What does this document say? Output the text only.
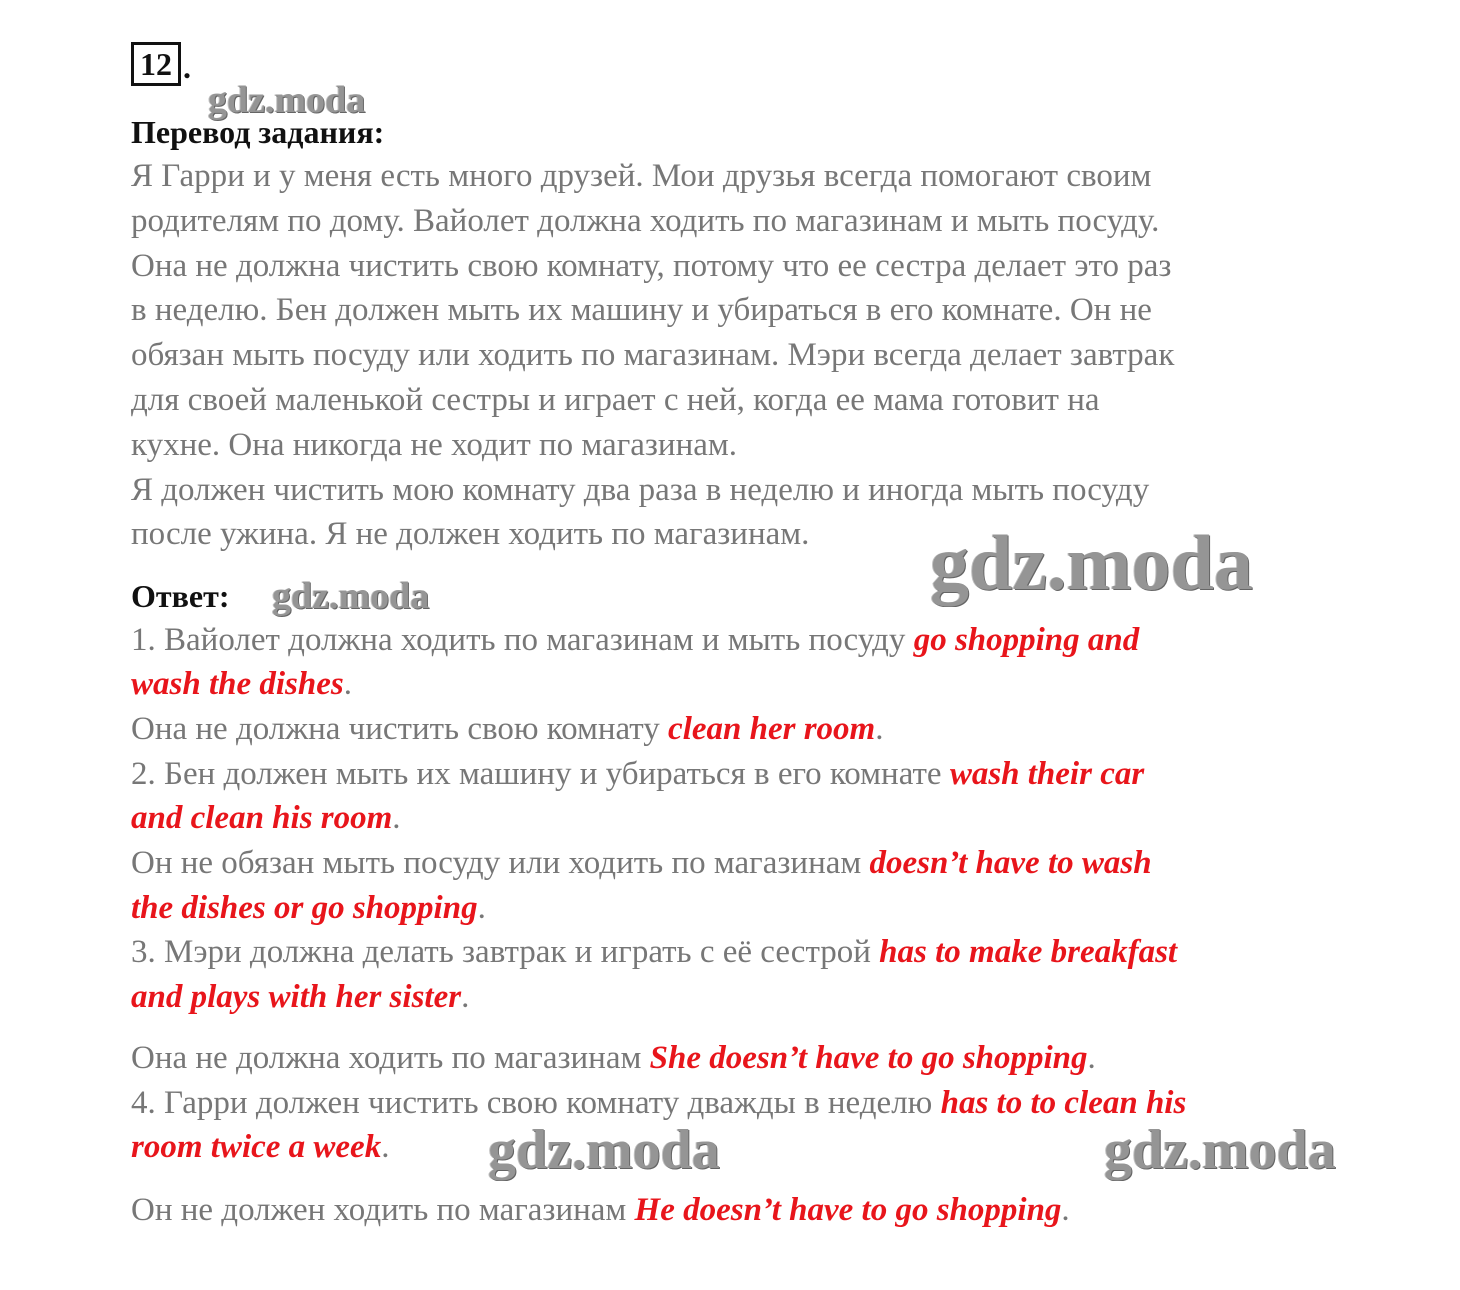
12 .
gdz.moda
Перевод задания:
Я Гарри и у меня есть много друзей. Мои друзья всегда помогают своим
родителям по дому. Вайолет должна ходить по магазинам и мыть посуду.
Она не должна чистить свою комнату, потому что ее сестра делает это раз
в неделю. Бен должен мыть их машину и убираться в его комнате. Он не
обязан мыть посуду или ходить по магазинам. Мэри всегда делает завтрак
для своей маленькой сестры и играет с ней, когда ее мама готовит на
кухне. Она никогда не ходит по магазинам.
Я должен чистить мою комнату два раза в неделю и иногда мыть посуду
после ужина. Я не должен ходить по магазинам. gdz.moda
Ответ: gdz.moda
1. Вайолет должна ходить по магазинам и мыть посуду go shopping and
wash the dishes.
Она не должна чистить свою комнату clean her room.
2. Бен должен мыть их машину и убираться в его комнате wash their car
and clean his room.
Он не обязан мыть посуду или ходить по магазинам doesn’t have to wash
the dishes or go shopping.
3. Мэри должна делать завтрак и играть с её сестрой has to make breakfast
and plays with her sister.
Она не должна ходить по магазинам She doesn’t have to go shopping.
4. Гарри должен чистить свою комнату дважды в неделю has to to clean his
room twice a week. gdz.moda	gdz.moda
Он не должен ходить по магазинам He doesn’t have to go shopping.
